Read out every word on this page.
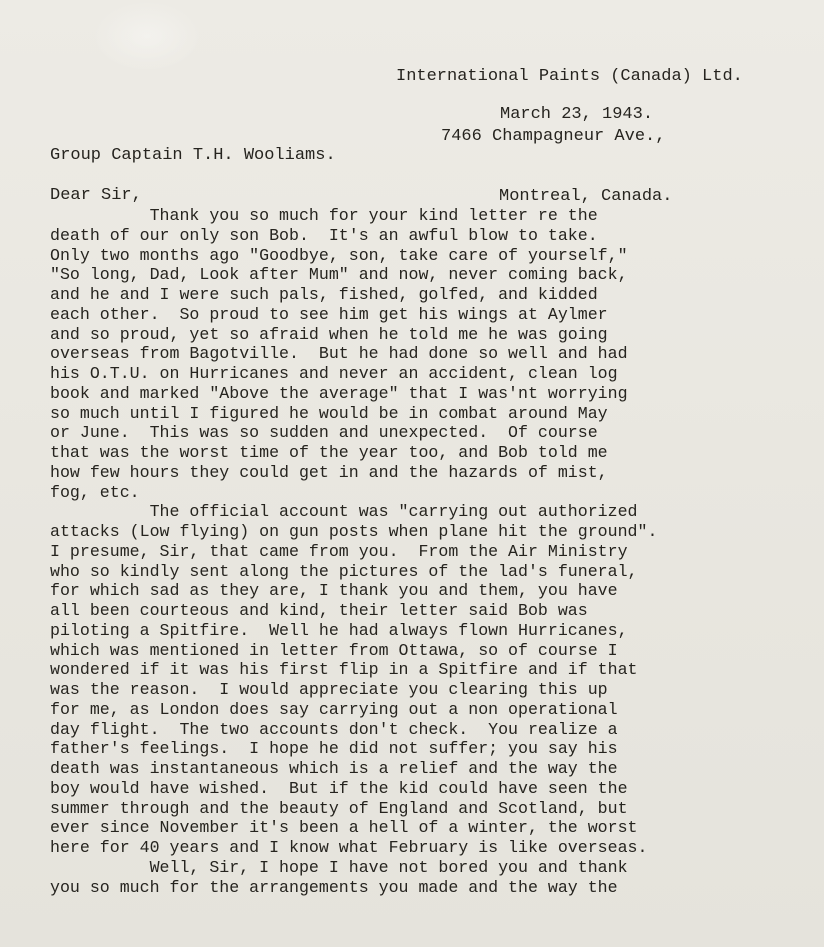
International Paints (Canada) Ltd.

7466 Champagneur Ave.,

Montreal, Canada.

March 23, 1943.
Group Captain T.H. Wooliams.
Dear Sir,

Thank you so much for your kind letter re the

death of our only son Bob.  It's an awful blow to take.

Only two months ago "Goodbye, son, take care of yourself,"

"So long, Dad, Look after Mum" and now, never coming back,

and he and I were such pals, fished, golfed, and kidded

each other.  So proud to see him get his wings at Aylmer

and so proud, yet so afraid when he told me he was going

overseas from Bagotville.  But he had done so well and had

his O.T.U. on Hurricanes and never an accident, clean log

book and marked "Above the average" that I was'nt worrying

so much until I figured he would be in combat around May

or June.  This was so sudden and unexpected.  Of course

that was the worst time of the year too, and Bob told me

how few hours they could get in and the hazards of mist,

fog, etc.

The official account was "carrying out authorized

attacks (Low flying) on gun posts when plane hit the ground".

I presume, Sir, that came from you.  From the Air Ministry

who so kindly sent along the pictures of the lad's funeral,

for which sad as they are, I thank you and them, you have

all been courteous and kind, their letter said Bob was

piloting a Spitfire.  Well he had always flown Hurricanes,

which was mentioned in letter from Ottawa, so of course I

wondered if it was his first flip in a Spitfire and if that

was the reason.  I would appreciate you clearing this up

for me, as London does say carrying out a non operational

day flight.  The two accounts don't check.  You realize a

father's feelings.  I hope he did not suffer; you say his

death was instantaneous which is a relief and the way the

boy would have wished.  But if the kid could have seen the

summer through and the beauty of England and Scotland, but

ever since November it's been a hell of a winter, the worst

here for 40 years and I know what February is like overseas.

Well, Sir, I hope I have not bored you and thank

you so much for the arrangements you made and the way the
